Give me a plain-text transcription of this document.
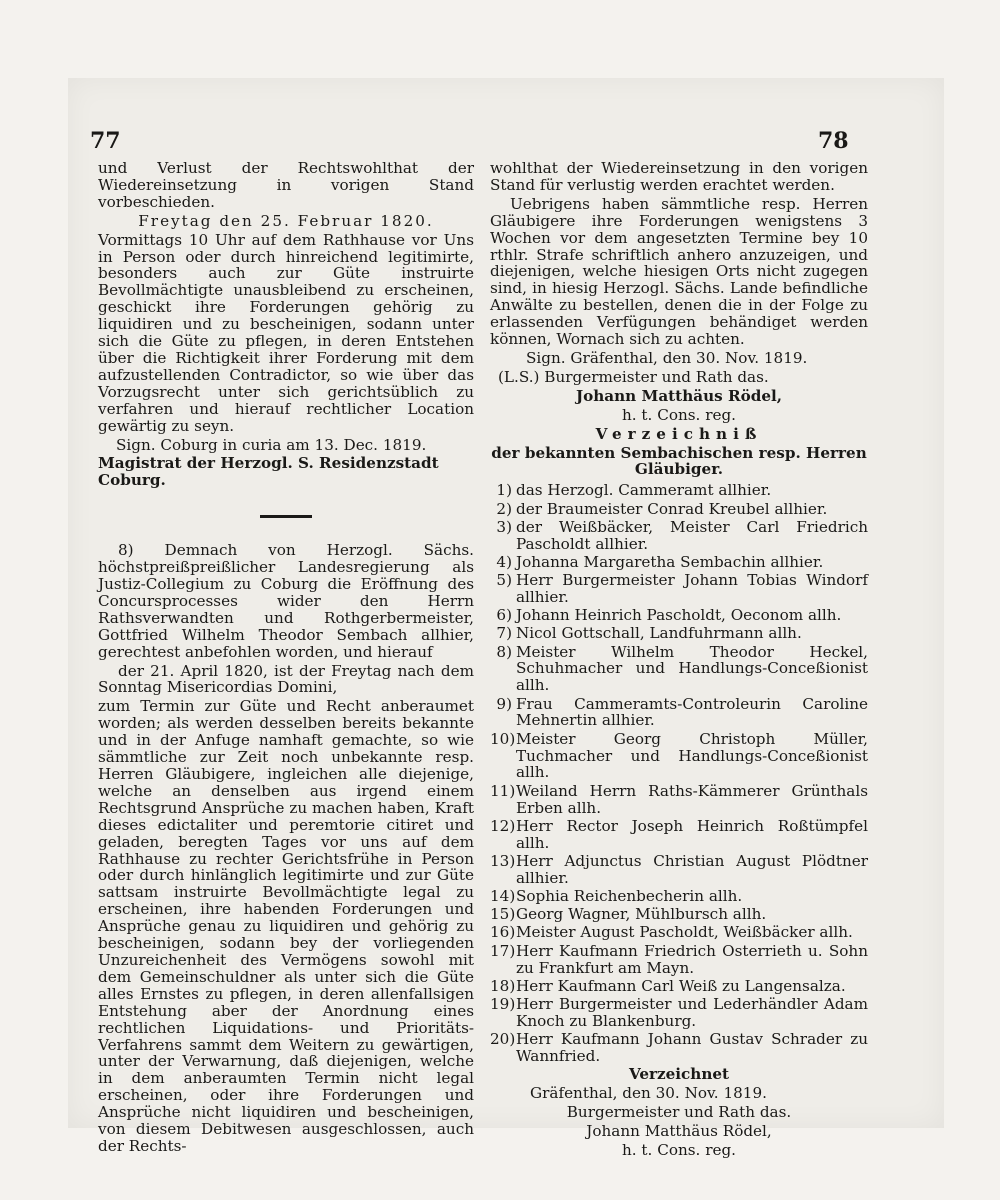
77	78

und Verlust der Rechtswohlthat der Wiedereinsetzung in vorigen Stand vorbeschieden.

Freytag den 25. Februar 1820.

Vormittags 10 Uhr auf dem Rathhause vor Uns in Person oder durch hinreichend legitimirte, besonders auch zur Güte instruirte Bevollmächtigte unausbleibend zu erscheinen, geschickt ihre Forderungen gehörig zu liquidiren und zu bescheinigen, sodann unter sich die Güte zu pflegen, in deren Entstehen über die Richtigkeit ihrer Forderung mit dem aufzustellenden Contradictor, so wie über das Vorzugsrecht unter sich gerichtsüblich zu verfahren und hierauf rechtlicher Location gewärtig zu seyn.

Sign. Coburg in curia am 13. Dec. 1819.

Magistrat der Herzogl. S. Residenzstadt Coburg.

8) Demnach von Herzogl. Sächs. höchstpreißpreißlicher Landesregierung als Justiz-Collegium zu Coburg die Eröffnung des Concursprocesses wider den Herrn Rathsverwandten und Rothgerbermeister, Gottfried Wilhelm Theodor Sembach allhier, gerechtest anbefohlen worden, und hierauf

der 21. April 1820, ist der Freytag nach dem Sonntag Misericordias Domini,

zum Termin zur Güte und Recht anberaumet worden; als werden desselben bereits bekannte und in der Anfuge namhaft gemachte, so wie sämmtliche zur Zeit noch unbekannte resp. Herren Gläubigere, ingleichen alle diejenige, welche an denselben aus irgend einem Rechtsgrund Ansprüche zu machen haben, Kraft dieses edictaliter und peremtorie citiret und geladen, beregten Tages vor uns auf dem Rathhause zu rechter Gerichtsfrühe in Person oder durch hinlänglich legitimirte und zur Güte sattsam instruirte Bevollmächtigte legal zu erscheinen, ihre habenden Forderungen und Ansprüche genau zu liquidiren und gehörig zu bescheinigen, sodann bey der vorliegenden Unzureichenheit des Vermögens sowohl mit dem Gemeinschuldner als unter sich die Güte alles Ernstes zu pflegen, in deren allenfallsigen Entstehung aber der Anordnung eines rechtlichen Liquidations- und Prioritäts-Verfahrens sammt dem Weitern zu gewärtigen, unter der Verwarnung, daß diejenigen, welche in dem anberaumten Termin nicht legal erscheinen, oder ihre Forderungen und Ansprüche nicht liquidiren und bescheinigen, von diesem Debitwesen ausgeschlossen, auch der Rechts-

wohlthat der Wiedereinsetzung in den vorigen Stand für verlustig werden erachtet werden.

Uebrigens haben sämmtliche resp. Herren Gläubigere ihre Forderungen wenigstens 3 Wochen vor dem angesetzten Termine bey 10 rthlr. Strafe schriftlich anhero anzuzeigen, und diejenigen, welche hiesigen Orts nicht zugegen sind, in hiesig Herzogl. Sächs. Lande befindliche Anwälte zu bestellen, denen die in der Folge zu erlassenden Verfügungen behändiget werden können, Wornach sich zu achten.

Sign. Gräfenthal, den 30. Nov. 1819.

(L.S.) Burgermeister und Rath das.

Johann Matthäus Rödel,

h. t. Cons. reg.

Verzeichniß

der bekannten Sembachischen resp. Herren Gläubiger.

1) das Herzogl. Cammeramt allhier.
2) der Braumeister Conrad Kreubel allhier.
3) der Weißbäcker, Meister Carl Friedrich Pascholdt allhier.
4) Johanna Margaretha Sembachin allhier.
5) Herr Burgermeister Johann Tobias Windorf allhier.
6) Johann Heinrich Pascholdt, Oeconom allh.
7) Nicol Gottschall, Landfuhrmann allh.
8) Meister Wilhelm Theodor Heckel, Schuhmacher und Handlungs-Conceßionist allh.
9) Frau Cammeramts-Controleurin Caroline Mehnertin allhier.
10) Meister Georg Christoph Müller, Tuchmacher und Handlungs-Conceßionist allh.
11) Weiland Herrn Raths-Kämmerer Grünthals Erben allh.
12) Herr Rector Joseph Heinrich Roßtümpfel allh.
13) Herr Adjunctus Christian August Plödtner allhier.
14) Sophia Reichenbecherin allh.
15) Georg Wagner, Mühlbursch allh.
16) Meister August Pascholdt, Weißbäcker allh.
17) Herr Kaufmann Friedrich Osterrieth u. Sohn zu Frankfurt am Mayn.
18) Herr Kaufmann Carl Weiß zu Langensalza.
19) Herr Burgermeister und Lederhändler Adam Knoch zu Blankenburg.
20) Herr Kaufmann Johann Gustav Schrader zu Wannfried.

Verzeichnet

Gräfenthal, den 30. Nov. 1819.

Burgermeister und Rath das.

Johann Matthäus Rödel,

h. t. Cons. reg.
